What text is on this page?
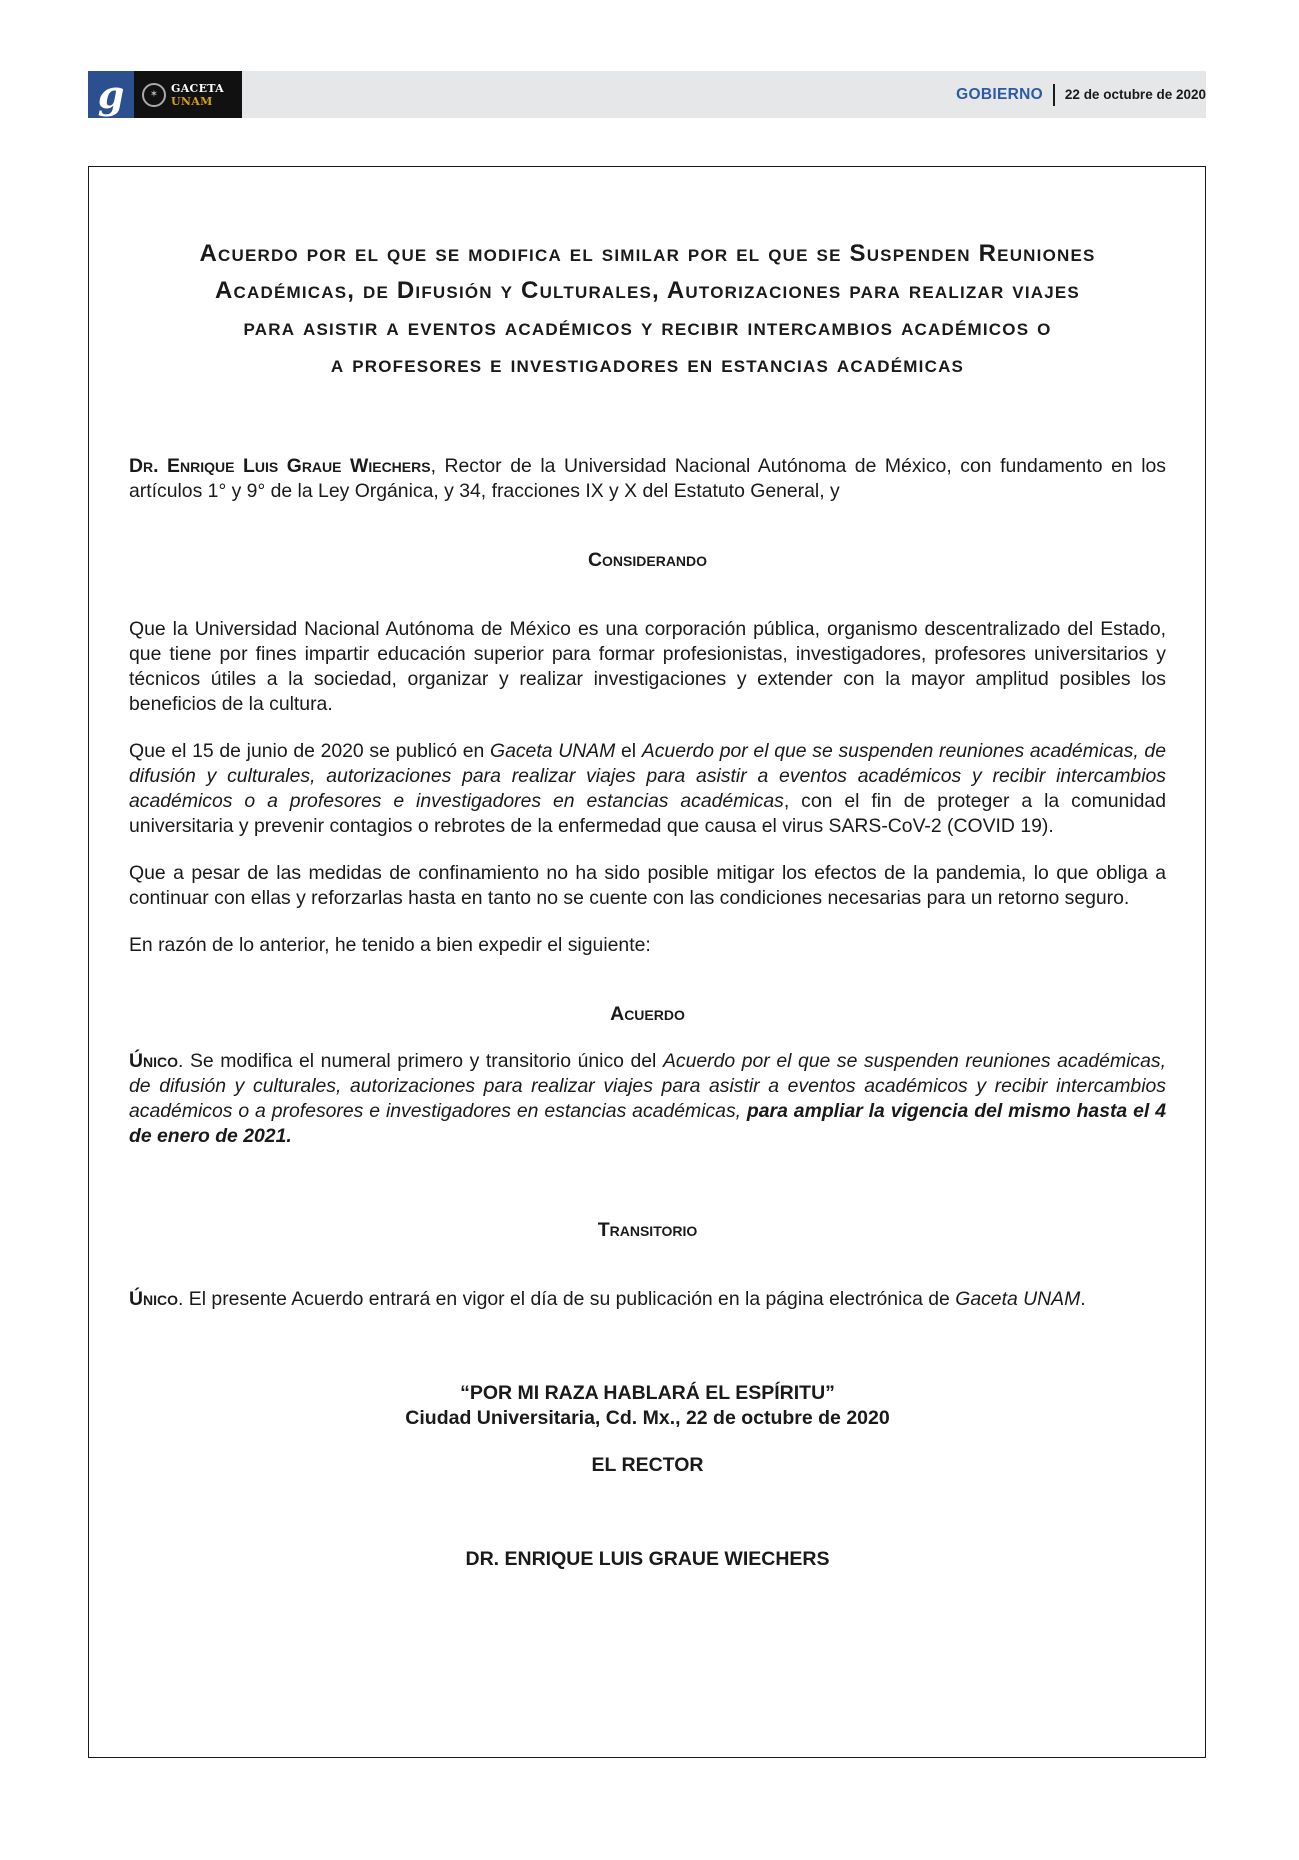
g	✶	GACETA
UNAM	GOBIERNO 22 de octubre de 2020
Acuerdo por el que se modifica el similar por el que se Suspenden Reuniones
Académicas, de Difusión y Culturales, Autorizaciones para realizar viajes
para asistir a eventos académicos y recibir intercambios académicos o
a profesores e investigadores en estancias académicas

Dr. Enrique Luis Graue Wiechers, Rector de la Universidad Nacional Autónoma de México, con fundamento en los artículos 1° y 9° de la Ley Orgánica, y 34, fracciones IX y X del Estatuto General, y

Considerando

Que la Universidad Nacional Autónoma de México es una corporación pública, organismo descentralizado del Estado, que tiene por fines impartir educación superior para formar profesionistas, investigadores, profesores universitarios y técnicos útiles a la sociedad, organizar y realizar investigaciones y extender con la mayor amplitud posibles los beneficios de la cultura.

Que el 15 de junio de 2020 se publicó en Gaceta UNAM el Acuerdo por el que se suspenden reuniones académicas, de difusión y culturales, autorizaciones para realizar viajes para asistir a eventos académicos y recibir intercambios académicos o a profesores e investigadores en estancias académicas, con el fin de proteger a la comunidad universitaria y prevenir contagios o rebrotes de la enfermedad que causa el virus SARS-CoV-2 (COVID 19).

Que a pesar de las medidas de confinamiento no ha sido posible mitigar los efectos de la pandemia, lo que obliga a continuar con ellas y reforzarlas hasta en tanto no se cuente con las condiciones necesarias para un retorno seguro.

En razón de lo anterior, he tenido a bien expedir el siguiente:

Acuerdo

Único. Se modifica el numeral primero y transitorio único del Acuerdo por el que se suspenden reuniones académicas, de difusión y culturales, autorizaciones para realizar viajes para asistir a eventos académicos y recibir intercambios académicos o a profesores e investigadores en estancias académicas, para ampliar la vigencia del mismo hasta el 4 de enero de 2021.

Transitorio

Único. El presente Acuerdo entrará en vigor el día de su publicación en la página electrónica de Gaceta UNAM.

“POR MI RAZA HABLARÁ EL ESPÍRITU”

Ciudad Universitaria, Cd. Mx., 22 de octubre de 2020

EL RECTOR

DR. ENRIQUE LUIS GRAUE WIECHERS
